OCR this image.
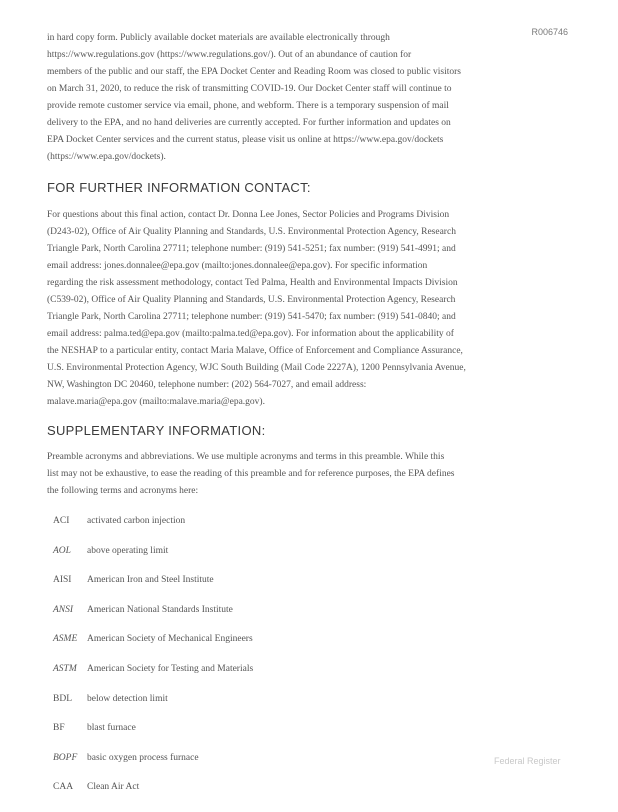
R006746

in hard copy form. Publicly available docket materials are available electronically through
https://www.regulations.gov (https://www.regulations.gov/). Out of an abundance of caution for
members of the public and our staff, the EPA Docket Center and Reading Room was closed to public visitors
on March 31, 2020, to reduce the risk of transmitting COVID-19. Our Docket Center staff will continue to
provide remote customer service via email, phone, and webform. There is a temporary suspension of mail
delivery to the EPA, and no hand deliveries are currently accepted. For further information and updates on
EPA Docket Center services and the current status, please visit us online at https://www.epa.gov/dockets
(https://www.epa.gov/dockets).

FOR FURTHER INFORMATION CONTACT:

For questions about this final action, contact Dr. Donna Lee Jones, Sector Policies and Programs Division
(D243-02), Office of Air Quality Planning and Standards, U.S. Environmental Protection Agency, Research
Triangle Park, North Carolina 27711; telephone number: (919) 541-5251; fax number: (919) 541-4991; and
email address: jones.donnalee@epa.gov (mailto:jones.donnalee@epa.gov). For specific information
regarding the risk assessment methodology, contact Ted Palma, Health and Environmental Impacts Division
(C539-02), Office of Air Quality Planning and Standards, U.S. Environmental Protection Agency, Research
Triangle Park, North Carolina 27711; telephone number: (919) 541-5470; fax number: (919) 541-0840; and
email address: palma.ted@epa.gov (mailto:palma.ted@epa.gov). For information about the applicability of
the NESHAP to a particular entity, contact Maria Malave, Office of Enforcement and Compliance Assurance,
U.S. Environmental Protection Agency, WJC South Building (Mail Code 2227A), 1200 Pennsylvania Avenue,
NW, Washington DC 20460, telephone number: (202) 564-7027, and email address:
malave.maria@epa.gov (mailto:malave.maria@epa.gov).

SUPPLEMENTARY INFORMATION:

Preamble acronyms and abbreviations. We use multiple acronyms and terms in this preamble. While this
list may not be exhaustive, to ease the reading of this preamble and for reference purposes, the EPA defines
the following terms and acronyms here:

ACI activated carbon injection
AOL above operating limit
AISI American Iron and Steel Institute
ANSI American National Standards Institute
ASME American Society of Mechanical Engineers
ASTM American Society for Testing and Materials
BDL below detection limit
BF blast furnace
BOPF basic oxygen process furnace
CAA Clean Air Act
Federal Register
